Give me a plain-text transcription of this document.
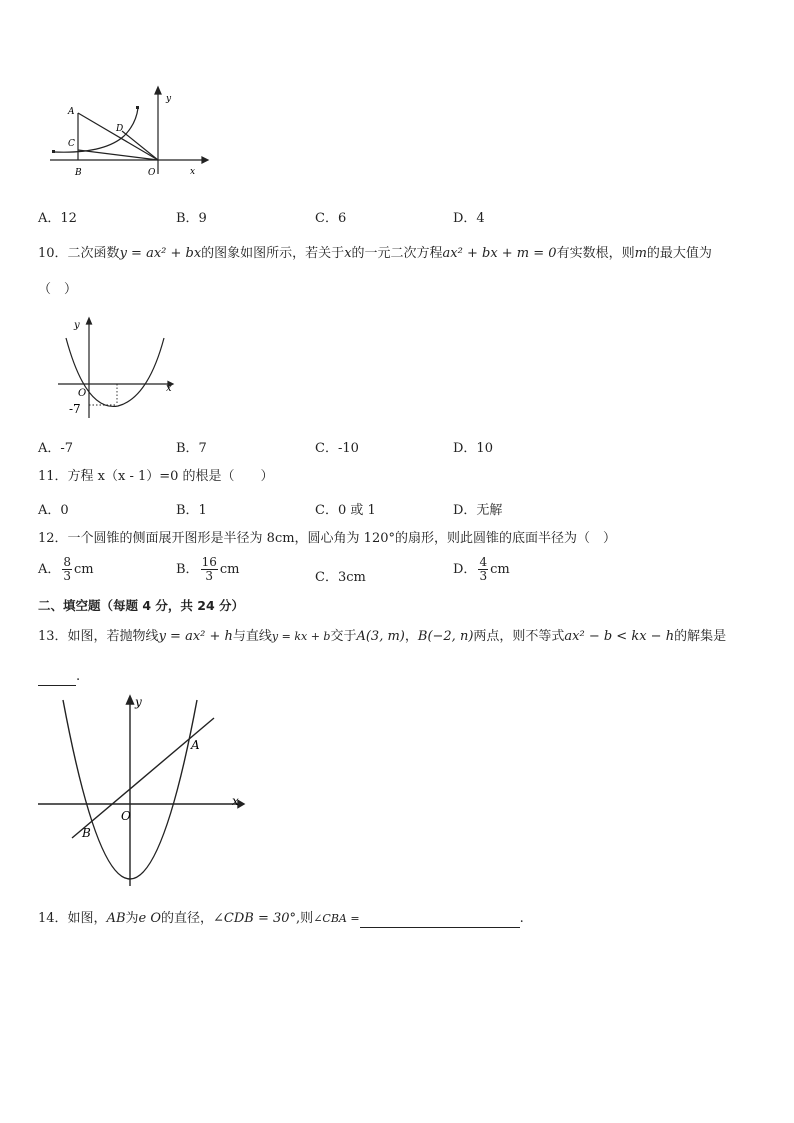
A
B
C
D
O	x
y
A．12	B．9	C．6	D．4
10．二次函数y = ax² + bx的图象如图所示，若关于x的一元二次方程ax² + bx + m = 0有实数根，则m的最大值为
（　）
y
x
O
-7
A．-7	B．7	C．-10	D．10
11．方程 x（x - 1）=0 的根是（　　）
A．0	B．1	C．0 或 1	D．无解
12．一个圆锥的侧面展开图形是半径为 8cm，圆心角为 120°的扇形，则此圆锥的底面半径为（　）
A． $\frac{8}{3}$ cm	B． $\frac{16}{3}$ cm
C．3cm
D． $\frac{4}{3}$ cm
二、填空题（每题 4 分，共 24 分）
13．如图，若抛物线y = ax² + h与直线y = kx + b交于A(3, m)，B(−2, n)两点，则不等式ax² − b < kx − h的解集是
.
y
x
A
B
O
14．如图，AB为e O的直径，∠CDB = 30°,则∠CBA =	.
